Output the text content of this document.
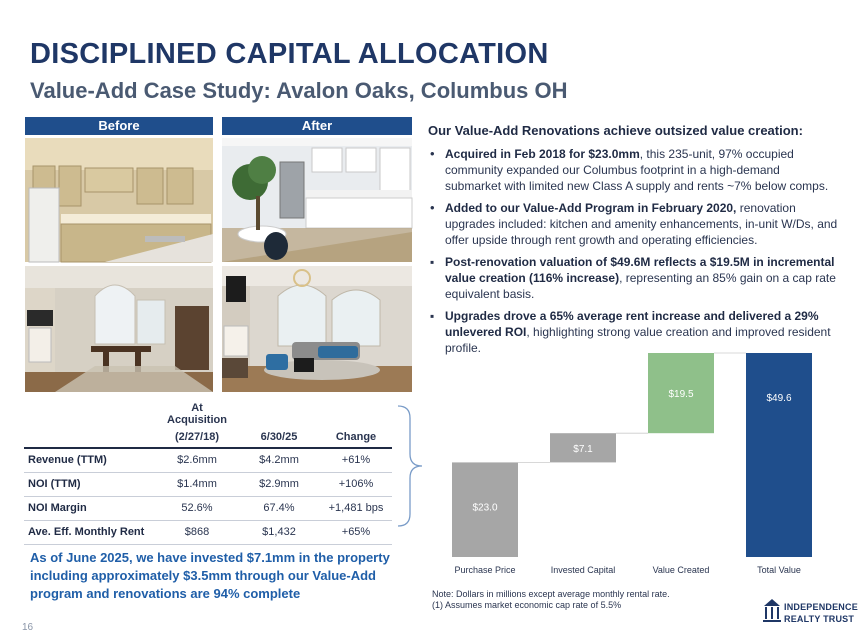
DISCIPLINED CAPITAL ALLOCATION
Value-Add Case Study: Avalon Oaks, Columbus OH
Before	After	Our Value-Add Renovations achieve outsized value creation:
• Acquired in Feb 2018 for $23.0mm, this 235-unit, 97% occupied community expanded our Columbus footprint in a high-demand submarket with limited new Class A supply and rents ~7% below comps.
• Added to our Value-Add Program in February 2020, renovation upgrades included: kitchen and amenity enhancements, in-unit W/Ds, and offer upside through rent growth and operating efficiencies.
▪ Post-renovation valuation of $49.6M reflects a $19.5M in incremental value creation (116% increase), representing an 85% gain on a cap rate equivalent basis.
▪ Upgrades drove a 65% average rent increase and delivered a 29% unlevered ROI, highlighting strong value creation and improved resident profile.
	At Acquisition		
	(2/27/18)	6/30/25	Change
Revenue (TTM)	$2.6mm	$4.2mm	+61%
NOI (TTM)	$1.4mm	$2.9mm	+106%
NOI Margin	52.6%	67.4%	+1,481 bps
Ave. Eff. Monthly Rent	$868	$1,432	+65%
As of June 2025, we have invested $7.1mm in the property including approximately $3.5mm through our Value-Add program and renovations are 94% complete
$23.0
Purchase Price
$7.1
Invested Capital
$19.5
Value Created
$49.6
Total Value
Note: Dollars in millions except average monthly rental rate.
(1) Assumes market economic cap rate of 5.5%
16
INDEPENDENCE
REALTY TRUST
